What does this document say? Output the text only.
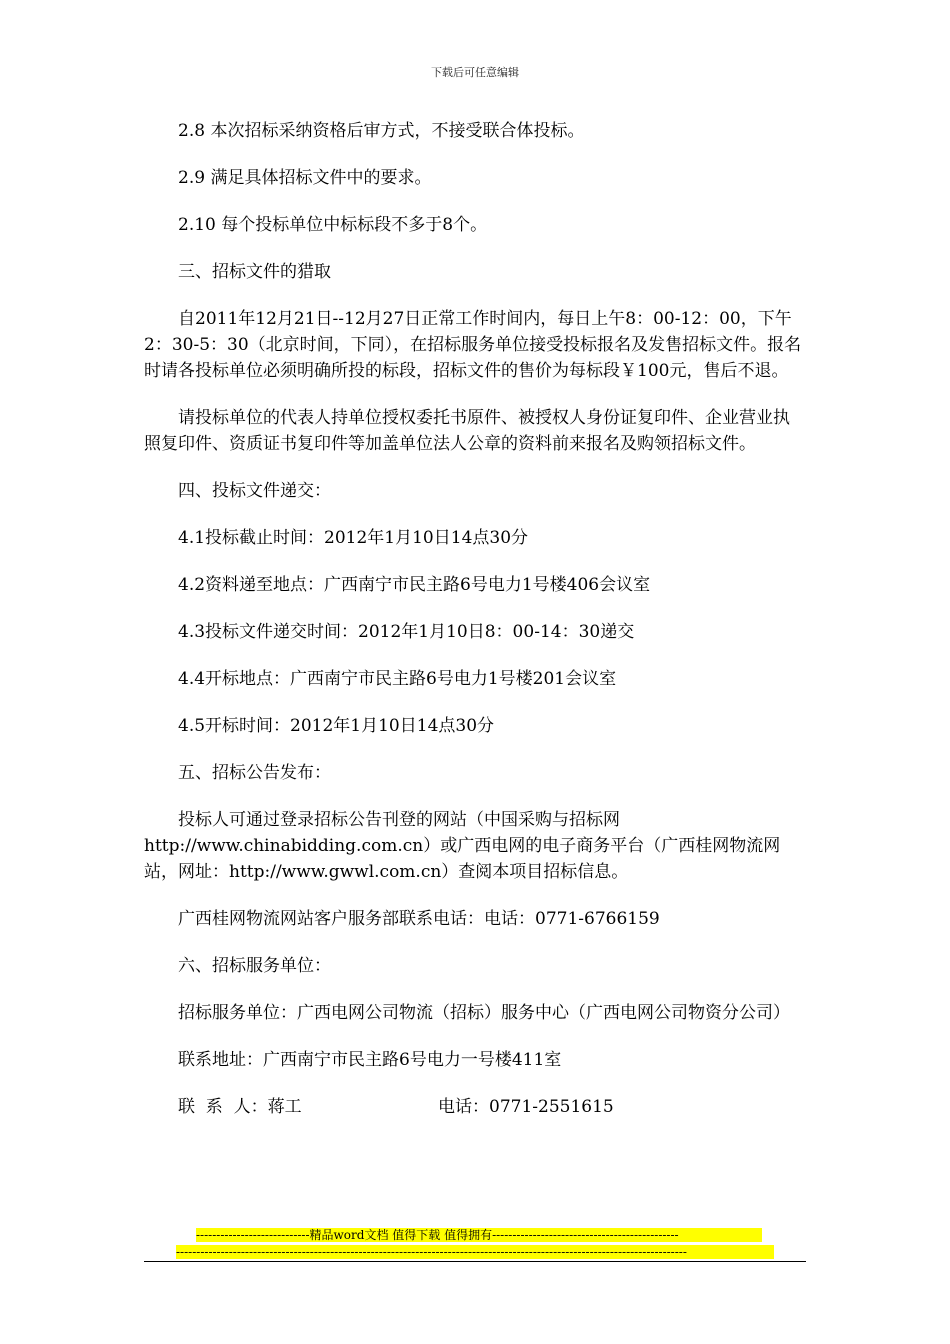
下载后可任意编辑

2.8 本次招标采纳资格后审方式，不接受联合体投标。

2.9 满足具体招标文件中的要求。

2.10 每个投标单位中标标段不多于8个。

三、招标文件的猎取

自2011年12月21日--12月27日正常工作时间内，每日上午8：00-12：00，下午2：30-5：30（北京时间，下同），在招标服务单位接受投标报名及发售招标文件。报名时请各投标单位必须明确所投的标段，招标文件的售价为每标段￥100元，售后不退。

请投标单位的代表人持单位授权委托书原件、被授权人身份证复印件、企业营业执照复印件、资质证书复印件等加盖单位法人公章的资料前来报名及购领招标文件。

四、投标文件递交：

4.1投标截止时间：2012年1月10日14点30分

4.2资料递至地点：广西南宁市民主路6号电力1号楼406会议室

4.3投标文件递交时间：2012年1月10日8：00-14：30递交

4.4开标地点：广西南宁市民主路6号电力1号楼201会议室

4.5开标时间：2012年1月10日14点30分

五、招标公告发布：

投标人可通过登录招标公告刊登的网站（中国采购与招标网http://www.chinabidding.com.cn）或广西电网的电子商务平台（广西桂网物流网站，网址：http://www.gwwl.com.cn）查阅本项目招标信息。

广西桂网物流网站客户服务部联系电话：电话：0771-6766159

六、招标服务单位：

招标服务单位：广西电网公司物流（招标）服务中心（广西电网公司物资分公司）

联系地址：广西南宁市民主路6号电力一号楼411室

联  系  人：蒋工	电话：0771-2551615
----------------------------精品word文档 值得下载 值得拥有----------------------------------------------
------------------------------------------------------------------------------------------------------------------------------
